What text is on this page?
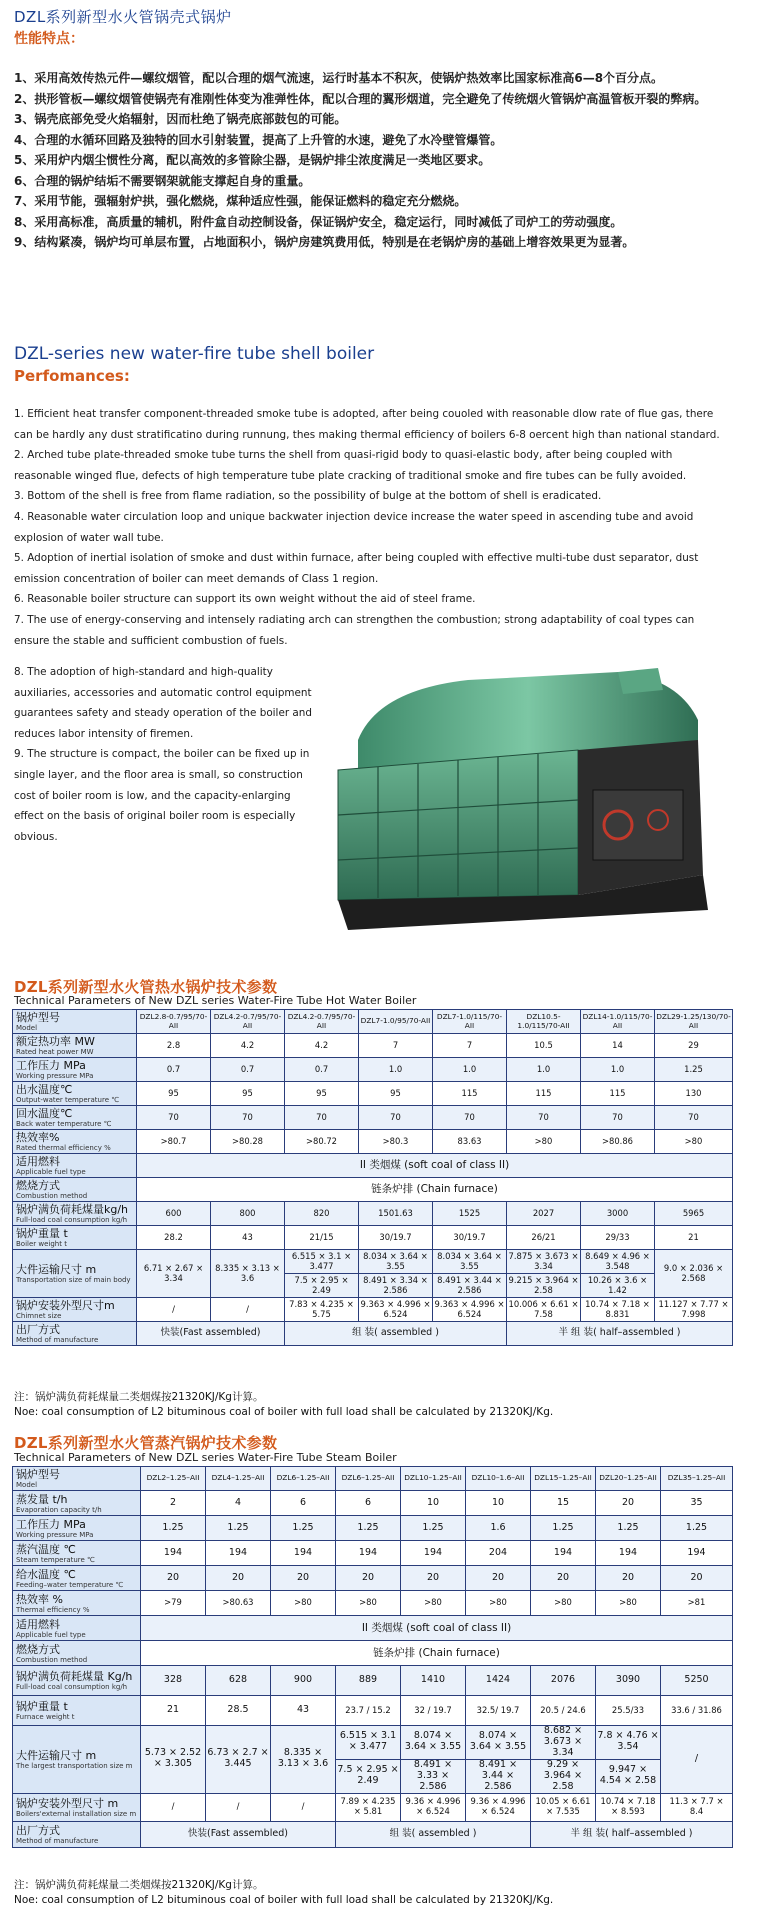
DZL系列新型水火管锅壳式锅炉
性能特点：
1、采用高效传热元件—螺纹烟管，配以合理的烟气流速，运行时基本不积灰，使锅炉热效率比国家标准高6—8个百分点。
2、拱形管板—螺纹烟管使锅壳有准刚性体变为准弹性体，配以合理的翼形烟道，完全避免了传统烟火管锅炉高温管板开裂的弊病。
3、锅壳底部免受火焰辐射，因而杜绝了锅壳底部鼓包的可能。
4、合理的水循环回路及独特的回水引射装置，提高了上升管的水速，避免了水冷壁管爆管。
5、采用炉内烟尘惯性分离，配以高效的多管除尘器，是锅炉排尘浓度满足一类地区要求。
6、合理的锅炉结垢不需要钢架就能支撑起自身的重量。
7、采用节能，强辐射炉拱，强化燃烧，煤种适应性强，能保证燃料的稳定充分燃烧。
8、采用高标准，高质量的辅机，附件盒自动控制设备，保证锅炉安全，稳定运行，同时减低了司炉工的劳动强度。
9、结构紧凑，锅炉均可单层布置，占地面积小，锅炉房建筑费用低，特别是在老锅炉房的基础上增容效果更为显著。
DZL-series new water-fire tube shell boiler
Perfomances:
1. Efficient heat transfer component-threaded smoke tube is adopted, after being couoled with reasonable dlow rate of flue gas, there can be hardly any dust stratificatino during runnung, thes making thermal efficiency of boilers 6-8 oercent high than national standard.
2. Arched tube plate-threaded smoke tube turns the shell from quasi-rigid body to quasi-elastic body, after being coupled with reasonable winged flue, defects of high temperature tube plate cracking of traditional smoke and fire tubes can be fully avoided.
3. Bottom of the shell is free from flame radiation, so the possibility of bulge at the bottom of shell is eradicated.
4. Reasonable water circulation loop and unique backwater injection device increase the water speed in ascending tube and avoid explosion of water wall tube.
5. Adoption of inertial isolation of smoke and dust within furnace, after being coupled with effective multi-tube dust separator, dust emission concentration of boiler can meet demands of Class 1 region.
6. Reasonable boiler structure can support its own weight without the aid of steel frame.
7. The use of energy-conserving and intensely radiating arch can strengthen the combustion; strong adaptability of coal types can ensure the stable and sufficient combustion of fuels.
8. The adoption of high-standard and high-quality auxiliaries, accessories and automatic control equipment guarantees safety and steady operation of the boiler and reduces labor intensity of firemen.
9. The structure is compact, the boiler can be fixed up in single layer, and the floor area is small, so construction cost of boiler room is low, and the capacity-enlarging effect on the basis of original boiler room is especially obvious.
DZL系列新型水火管热水锅炉技术参数
Technical Parameters of New DZL series Water-Fire Tube Hot Water Boiler
锅炉型号
Model	DZL2.8-0.7/95/70-AII	DZL4.2-0.7/95/70-AII	DZL4.2-0.7/95/70-AII	DZL7-1.0/95/70-AII	DZL7-1.0/115/70-AII	DZL10.5-1.0/115/70-AII	DZL14-1.0/115/70-AII	DZL29-1.25/130/70-AII

额定热功率 MW
Rated heat power MW	2.8	4.2	4.2	7	7	10.5	14	29

工作压力 MPa
Working pressure MPa	0.7	0.7	0.7	1.0	1.0	1.0	1.0	1.25

出水温度℃
Output-water temperature ℃	95	95	95	95	115	115	115	130

回水温度℃
Back water temperature ℃	70	70	70	70	70	70	70	70

热效率%
Rated thermal efficiency %	>80.7	>80.28	>80.72	>80.3	83.63	>80	>80.86	>80

适用燃料
Applicable fuel type	II 类烟煤 (soft coal of class II)							

燃烧方式
Combustion method	链条炉排 (Chain furnace)							

锅炉满负荷耗煤量kg/h
Full-load coal consumption kg/h	600	800	820	1501.63	1525	2027	3000	5965

锅炉重量 t
Boiler weight t	28.2	43	21/15	30/19.7	30/19.7	26/21	29/33	21

大件运输尺寸 m
Transportation size of main body	6.71 × 2.67 × 3.34	8.335 × 3.13 × 3.6	6.515 × 3.1 × 3.477	8.034 × 3.64 × 3.55	8.034 × 3.64 × 3.55	7.875 × 3.673 × 3.34	8.649 × 4.96 × 3.548	9.0 × 2.036 × 2.568
			7.5 × 2.95 × 2.49	8.491 × 3.34 × 2.586	8.491 × 3.44 × 2.586	9.215 × 3.964 × 2.58	10.26 × 3.6 × 1.42	

锅炉安装外型尺寸m
Chimnet size	/	/	7.83 × 4.235 × 5.75	9.363 × 4.996 × 6.524	9.363 × 4.996 × 6.524	10.006 × 6.61 × 7.58	10.74 × 7.18 × 8.831	11.127 × 7.77 × 7.998

出厂方式
Method of manufacture	快装(Fast assembled)		组 装( assembled )			半 组 装( half–assembled )		
注：锅炉满负荷耗煤量二类烟煤按21320KJ/Kg计算。
Noe: coal consumption of L2 bituminous coal of boiler with full load shall be calculated by 21320KJ/Kg.
DZL系列新型水火管蒸汽锅炉技术参数
Technical Parameters of New DZL series Water-Fire Tube Steam Boiler
锅炉型号
Model	DZL2–1.25–AII	DZL4–1.25–AII	DZL6–1.25–AII	DZL6–1.25–AII	DZL10–1.25–AII	DZL10–1.6–AII	DZL15–1.25–AII	DZL20–1.25–AII	DZL35–1.25–AII

蒸发量 t/h
Evaporation capacity t/h	2	4	6	6	10	10	15	20	35

工作压力 MPa
Working pressure MPa	1.25	1.25	1.25	1.25	1.25	1.6	1.25	1.25	1.25

蒸汽温度 ℃
Steam temperature ℃	194	194	194	194	194	204	194	194	194

给水温度 ℃
Feeding–water temperature ℃	20	20	20	20	20	20	20	20	20

热效率 %
Thermal efficiency %	>79	>80.63	>80	>80	>80	>80	>80	>80	>81

适用燃料
Applicable fuel type	II 类烟煤 (soft coal of class II)								

燃烧方式
Combustion method	链条炉排 (Chain furnace)								

锅炉满负荷耗煤量 Kg/h
Full-load coal consumption kg/h	328	628	900	889	1410	1424	2076	3090	5250

锅炉重量 t
Furnace weight t	21	28.5	43	23.7 / 15.2	32 / 19.7	32.5/ 19.7	20.5 / 24.6	25.5/33	33.6 / 31.86

大件运输尺寸 m
The largest transportation size m	5.73 × 2.52 × 3.305	6.73 × 2.7 × 3.445	8.335 × 3.13 × 3.6	6.515 × 3.1 × 3.477	8.074 × 3.64 × 3.55	8.074 × 3.64 × 3.55	8.682 × 3.673 × 3.34	7.8 × 4.76 × 3.54	/
				7.5 × 2.95 × 2.49	8.491 × 3.33 × 2.586	8.491 × 3.44 × 2.586	9.29 × 3.964 × 2.58	9.947 × 4.54 × 2.58	

锅炉安装外型尺寸 m
Boilers'external installation size m	/	/	/	7.89 × 4.235 × 5.81	9.36 × 4.996 × 6.524	9.36 × 4.996 × 6.524	10.05 × 6.61 × 7.535	10.74 × 7.18 × 8.593	11.3 × 7.7 × 8.4

出厂方式
Method of manufacture	快装(Fast assembled)			组 装( assembled )			半 组 装( half–assembled )		
注：锅炉满负荷耗煤量二类烟煤按21320KJ/Kg计算。
Noe: coal consumption of L2 bituminous coal of boiler with full load shall be calculated by 21320KJ/Kg.
